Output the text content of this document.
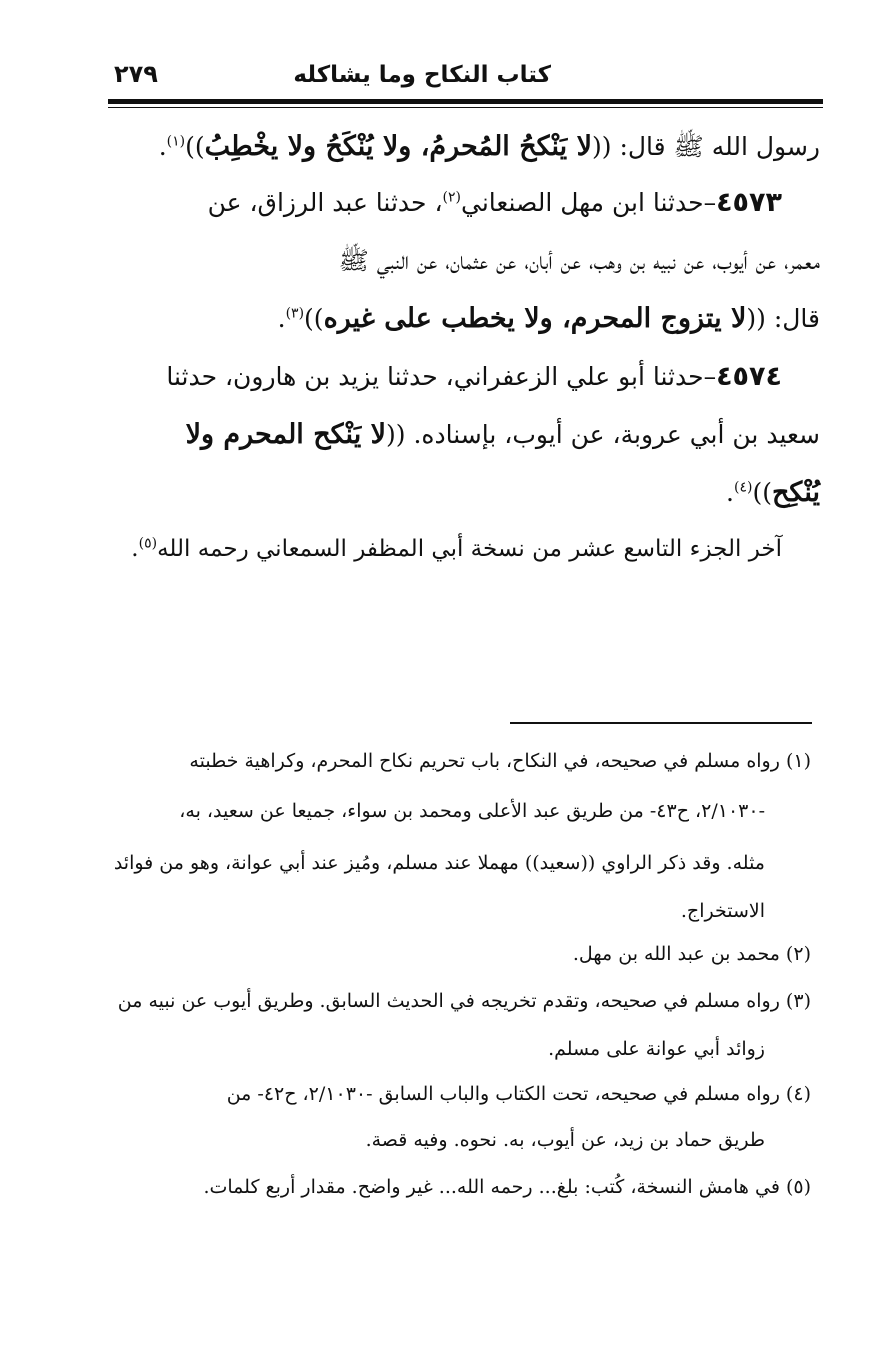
كتاب النكاح وما يشاكله
٢٧٩
رسول الله ﷺ قال: ((لا يَنْكحُ المُحرمُ، ولا يُنْكَحُ ولا يخْطِبُ))$^{(١)}$.
٤٥٧٣–حدثنا ابن مهل الصنعاني$^{(٢)}$، حدثنا عبد الرزاق، عن
معمر، عن أيوب، عن نبيه بن وهب، عن أبان، عن عثمان، عن النبي ﷺ
قال: ((لا يتزوج المحرم، ولا يخطب على غيره))$^{(٣)}$.
٤٥٧٤–حدثنا أبو علي الزعفراني، حدثنا يزيد بن هارون، حدثنا
سعيد بن أبي عروبة، عن أيوب، بإسناده. ((لا يَنْكح المحرم ولا
يُنْكِح))$^{(٤)}$.
آخر الجزء التاسع عشر من نسخة أبي المظفر السمعاني رحمه الله$^{(٥)}$.
(١) رواه مسلم في صحيحه، في النكاح، باب تحريم نكاح المحرم، وكراهية خطبته
-٢/١٠٣٠، ح٤٣- من طريق عبد الأعلى ومحمد بن سواء، جميعا عن سعيد، به،
مثله. وقد ذكر الراوي ((سعيد)) مهملا عند مسلم، ومُيز عند أبي عوانة، وهو من فوائد
الاستخراج.
(٢) محمد بن عبد الله بن مهل.
(٣) رواه مسلم في صحيحه، وتقدم تخريجه في الحديث السابق. وطريق أيوب عن نبيه من
زوائد أبي عوانة على مسلم.
(٤) رواه مسلم في صحيحه، تحت الكتاب والباب السابق -٢/١٠٣٠، ح٤٢- من
طريق حماد بن زيد، عن أيوب، به. نحوه. وفيه قصة.
(٥) في هامش النسخة، كُتب: بلغ... رحمه الله... غير واضح. مقدار أربع كلمات.
